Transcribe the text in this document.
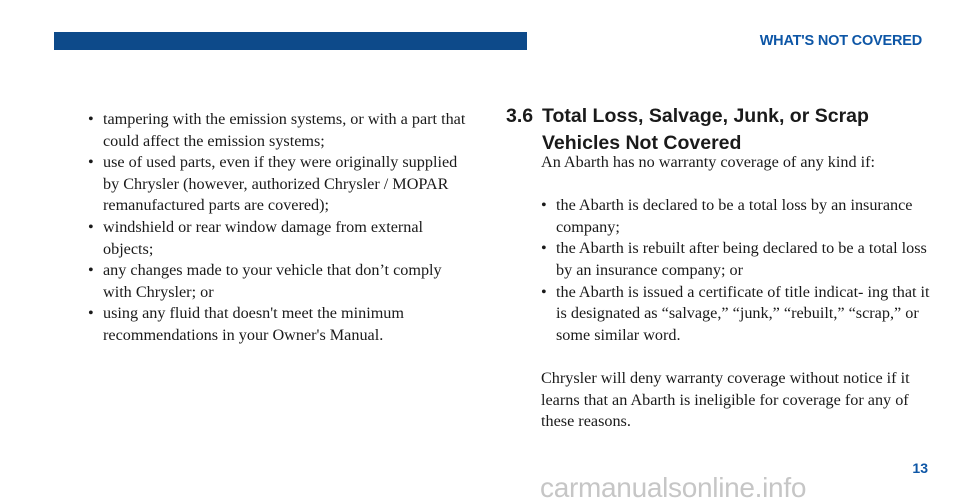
WHAT'S NOT COVERED
• tampering with the emission systems, or with a part that could affect the emission systems;
• use of used parts, even if they were originally supplied by Chrysler (however, authorized Chrysler / MOPAR remanufactured parts are covered);
• windshield or rear window damage from external objects;
• any changes made to your vehicle that don’t comply with Chrysler; or
• using any fluid that doesn't meet the minimum recommendations in your Owner's Manual.
3.6 Total Loss, Salvage, Junk, or Scrap Vehicles Not Covered

An Abarth has no warranty coverage of any kind if:

• the Abarth is declared to be a total loss by an insurance company;
• the Abarth is rebuilt after being declared to be a total loss by an insurance company; or
• the Abarth is issued a certificate of title indicat- ing that it is designated as “salvage,” “junk,” “rebuilt,” “scrap,” or some similar word.

Chrysler will deny warranty coverage without notice if it learns that an Abarth is ineligible for coverage for any of these reasons.

13
carmanualsonline.info
